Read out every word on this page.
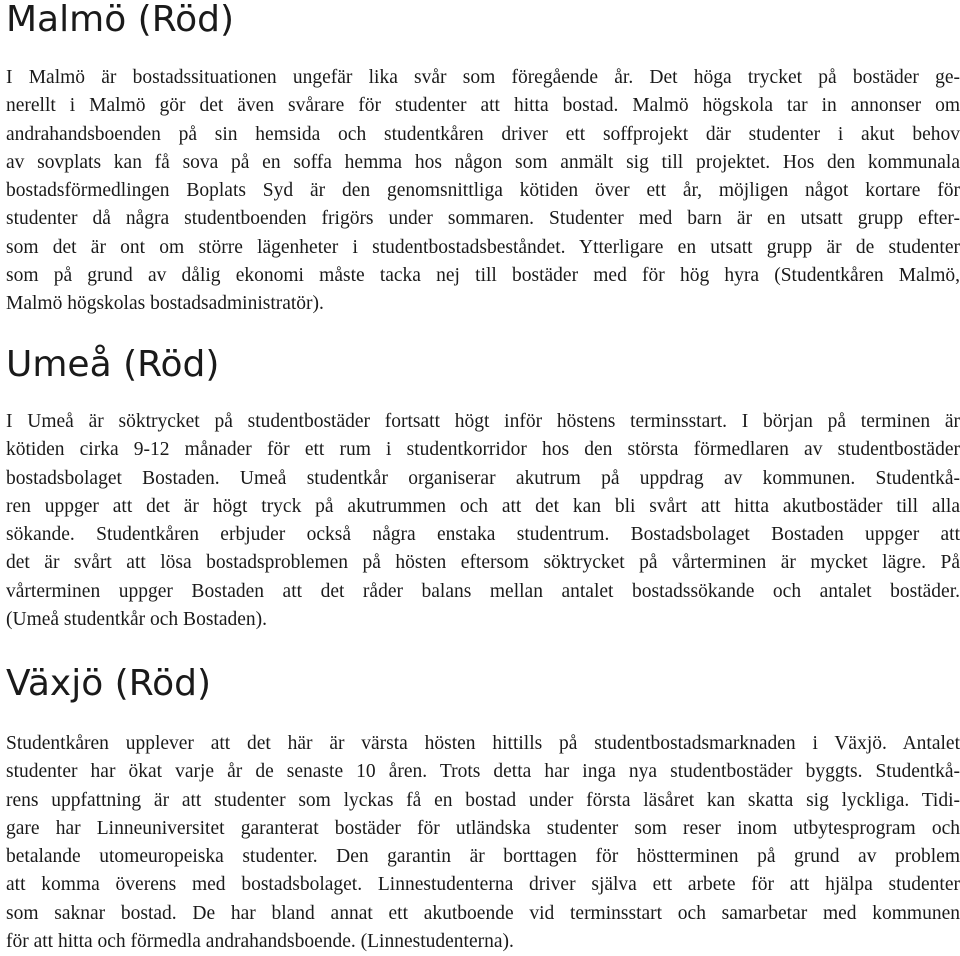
Malmö (Röd)
I Malmö är bostadssituationen ungefär lika svår som föregående år. Det höga trycket på bostäder ge-
nerellt i Malmö gör det även svårare för studenter att hitta bostad. Malmö högskola tar in annonser om
andrahandsboenden på sin hemsida och studentkåren driver ett soffprojekt där studenter i akut behov
av sovplats kan få sova på en soffa hemma hos någon som anmält sig till projektet. Hos den kommunala
bostadsförmedlingen Boplats Syd är den genomsnittliga kötiden över ett år, möjligen något kortare för
studenter då några studentboenden frigörs under sommaren. Studenter med barn är en utsatt grupp efter-
som det är ont om större lägenheter i studentbostadsbeståndet. Ytterligare en utsatt grupp är de studenter
som på grund av dålig ekonomi måste tacka nej till bostäder med för hög hyra (Studentkåren Malmö,
Malmö högskolas bostadsadministratör).
Umeå (Röd)
I Umeå är söktrycket på studentbostäder fortsatt högt inför höstens terminsstart. I början på terminen är
kötiden cirka 9-12 månader för ett rum i studentkorridor hos den största förmedlaren av studentbostäder
bostadsbolaget Bostaden. Umeå studentkår organiserar akutrum på uppdrag av kommunen. Studentkå-
ren uppger att det är högt tryck på akutrummen och att det kan bli svårt att hitta akutbostäder till alla
sökande. Studentkåren erbjuder också några enstaka studentrum. Bostadsbolaget Bostaden uppger att
det är svårt att lösa bostadsproblemen på hösten eftersom söktrycket på vårterminen är mycket lägre. På
vårterminen uppger Bostaden att det råder balans mellan antalet bostadssökande och antalet bostäder.
(Umeå studentkår och Bostaden).
Växjö (Röd)
Studentkåren upplever att det här är värsta hösten hittills på studentbostadsmarknaden i Växjö. Antalet
studenter har ökat varje år de senaste 10 åren. Trots detta har inga nya studentbostäder byggts. Studentkå-
rens uppfattning är att studenter som lyckas få en bostad under första läsåret kan skatta sig lyckliga. Tidi-
gare har Linneuniversitet garanterat bostäder för utländska studenter som reser inom utbytesprogram och
betalande utomeuropeiska studenter. Den garantin är borttagen för höstterminen på grund av problem
att komma överens med bostadsbolaget. Linnestudenterna driver själva ett arbete för att hjälpa studenter
som saknar bostad. De har bland annat ett akutboende vid terminsstart och samarbetar med kommunen
för att hitta och förmedla andrahandsboende. (Linnestudenterna).
